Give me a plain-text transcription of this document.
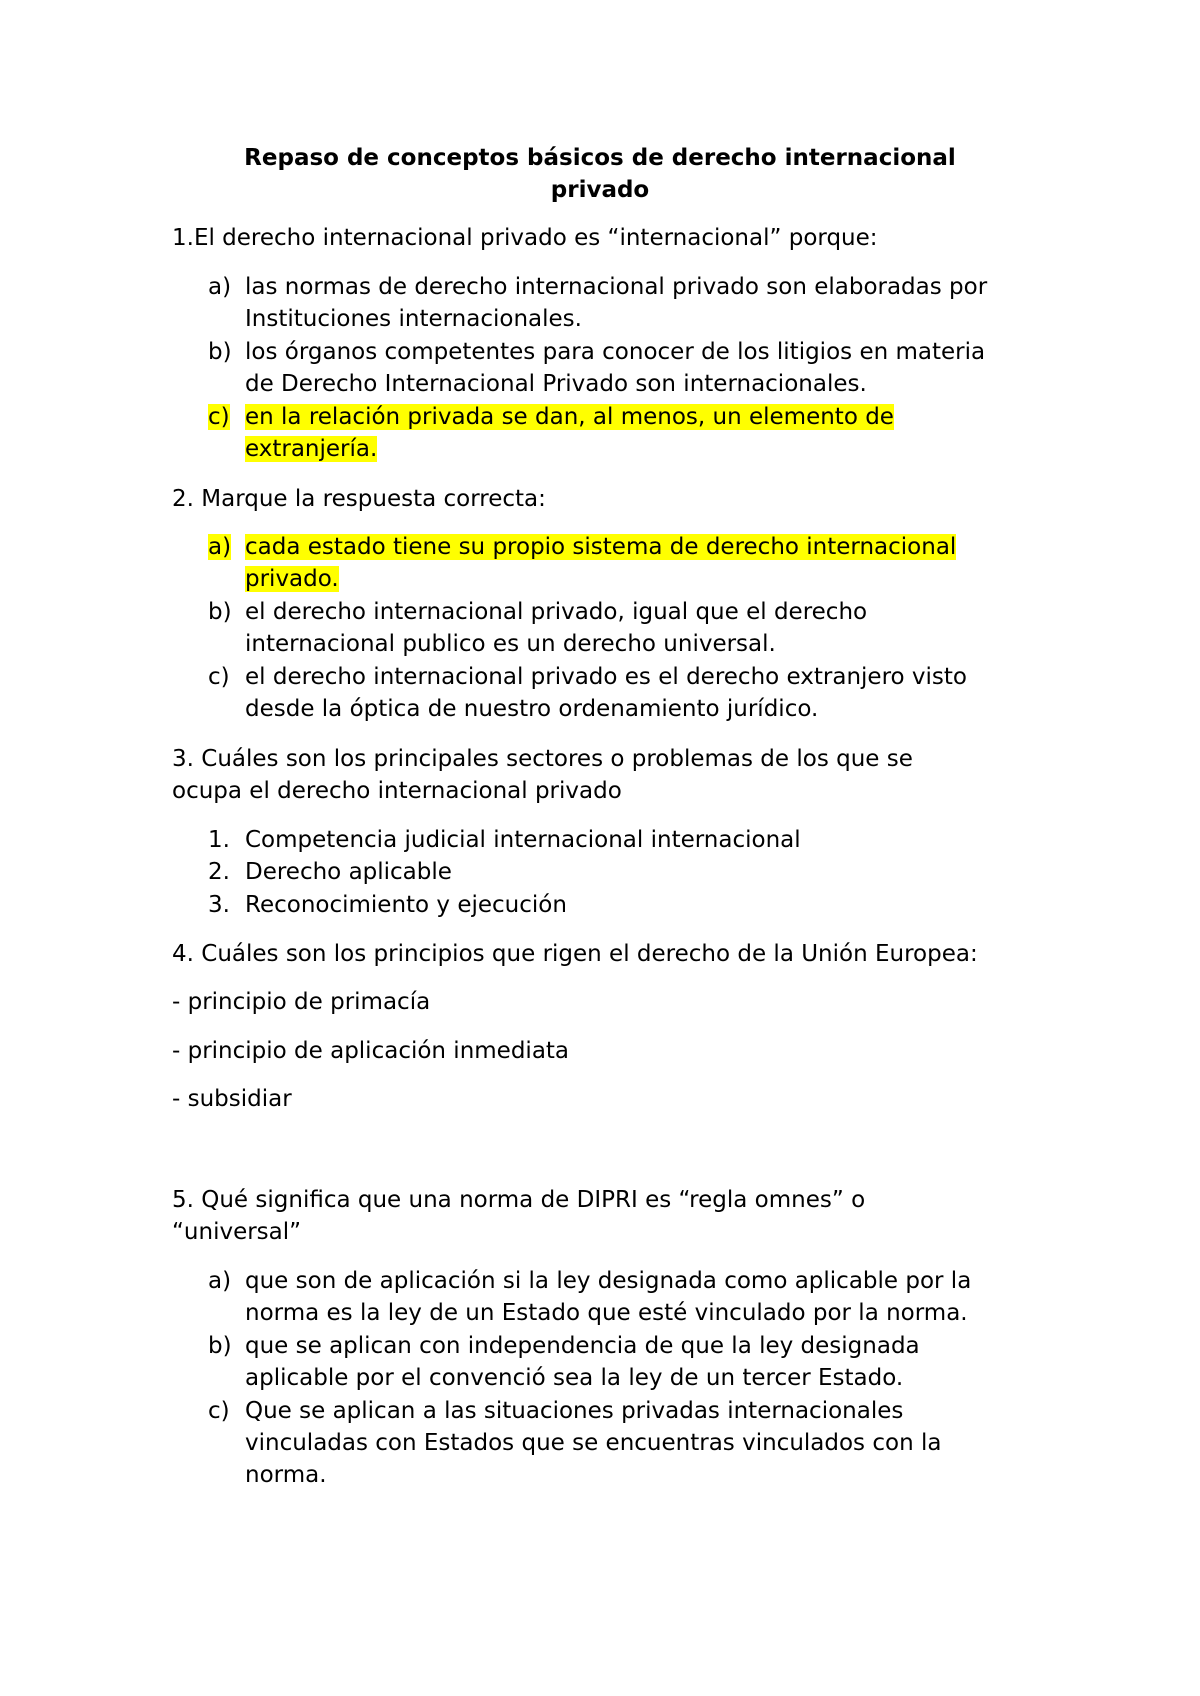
Repaso de conceptos básicos de derecho internacional
privado
1.El derecho internacional privado es “internacional” porque:
a) las normas de derecho internacional privado son elaboradas por
Instituciones internacionales.
b) los órganos competentes para conocer de los litigios en materia
de Derecho Internacional Privado son internacionales.
c) en la relación privada se dan, al menos, un elemento de
extranjería.
2. Marque la respuesta correcta:
a) cada estado tiene su propio sistema de derecho internacional
privado.
b) el derecho internacional privado, igual que el derecho
internacional publico es un derecho universal.
c) el derecho internacional privado es el derecho extranjero visto
desde la óptica de nuestro ordenamiento jurídico.
3. Cuáles son los principales sectores o problemas de los que se
ocupa el derecho internacional privado
1. Competencia judicial internacional internacional
2. Derecho aplicable
3. Reconocimiento y ejecución
4. Cuáles son los principios que rigen el derecho de la Unión Europea:
- principio de primacía
- principio de aplicación inmediata
- subsidiar
5. Qué significa que una norma de DIPRI es “regla omnes” o
“universal”
a) que son de aplicación si la ley designada como aplicable por la
norma es la ley de un Estado que esté vinculado por la norma.
b) que se aplican con independencia de que la ley designada
aplicable por el convenció sea la ley de un tercer Estado.
c) Que se aplican a las situaciones privadas internacionales
vinculadas con Estados que se encuentras vinculados con la
norma.
